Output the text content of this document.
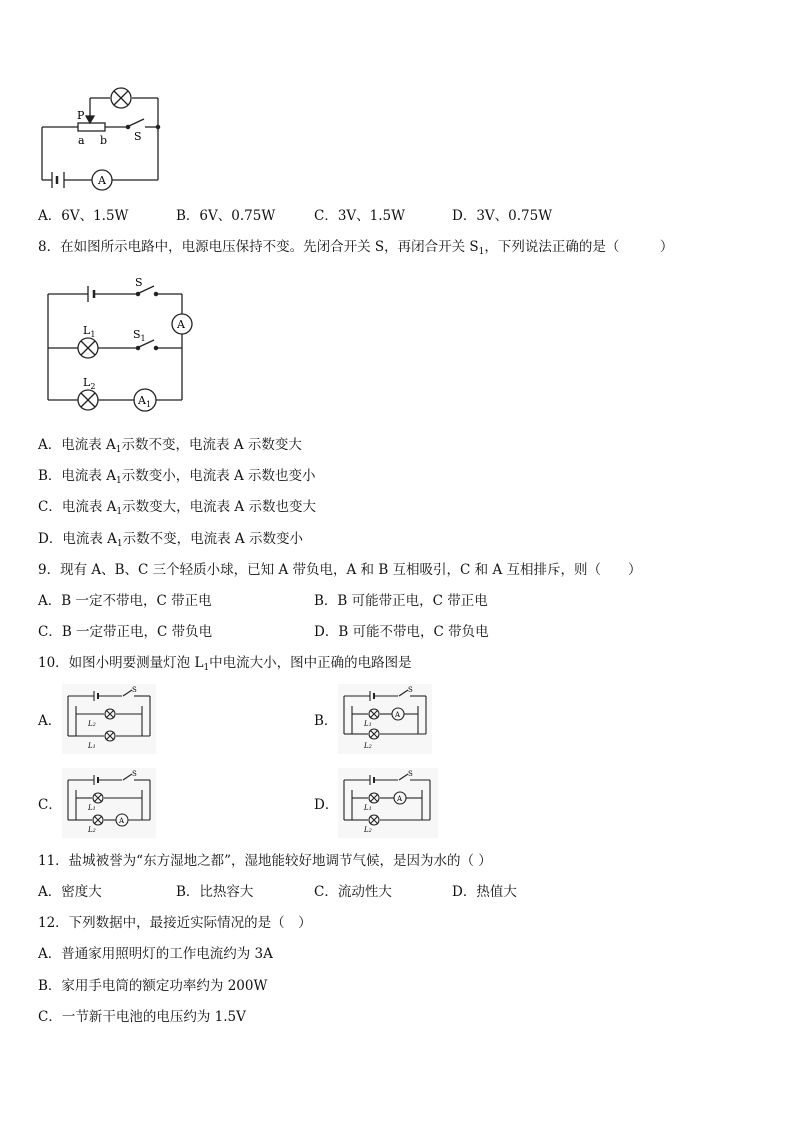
P
a b S
A
A．6V、1.5W	B．6V、0.75W	C．3V、1.5W	D．3V、0.75W
8．在如图所示电路中，电源电压保持不变。先闭合开关 S，再闭合开关 $S_1$，下列说法正确的是（　　　）
S
A
$L_1$	$S_1$
$L_2$
$A_1$
A．电流表 $A_1$示数不变，电流表 A 示数变大
B．电流表 $A_1$示数变小，电流表 A 示数也变小
C．电流表 $A_1$示数变大，电流表 A 示数也变大
D．电流表 $A_1$示数不变，电流表 A 示数变小
9．现有 A、B、C 三个轻质小球，已知 A 带负电，A 和 B 互相吸引，C 和 A 互相排斥，则（　　）
A．B 一定不带电，C 带正电	B．B 可能带正电，C 带正电
C．B 一定带正电，C 带负电	D．B 可能不带电，C 带负电
10．如图小明要测量灯泡 $L_1$中电流大小，图中正确的电路图是
A．	B．
C．	D．
S
L2
L1
S
A
L1
L2
S
A
L1
L2
S
A
L1
L2
11．盐城被誉为“东方湿地之都”，湿地能较好地调节气候，是因为水的（ ）
A．密度大	B．比热容大	C．流动性大	D．热值大
12．下列数据中，最接近实际情况的是（　）
A．普通家用照明灯的工作电流约为 3A
B．家用手电筒的额定功率约为 200W
C．一节新干电池的电压约为 1.5V
